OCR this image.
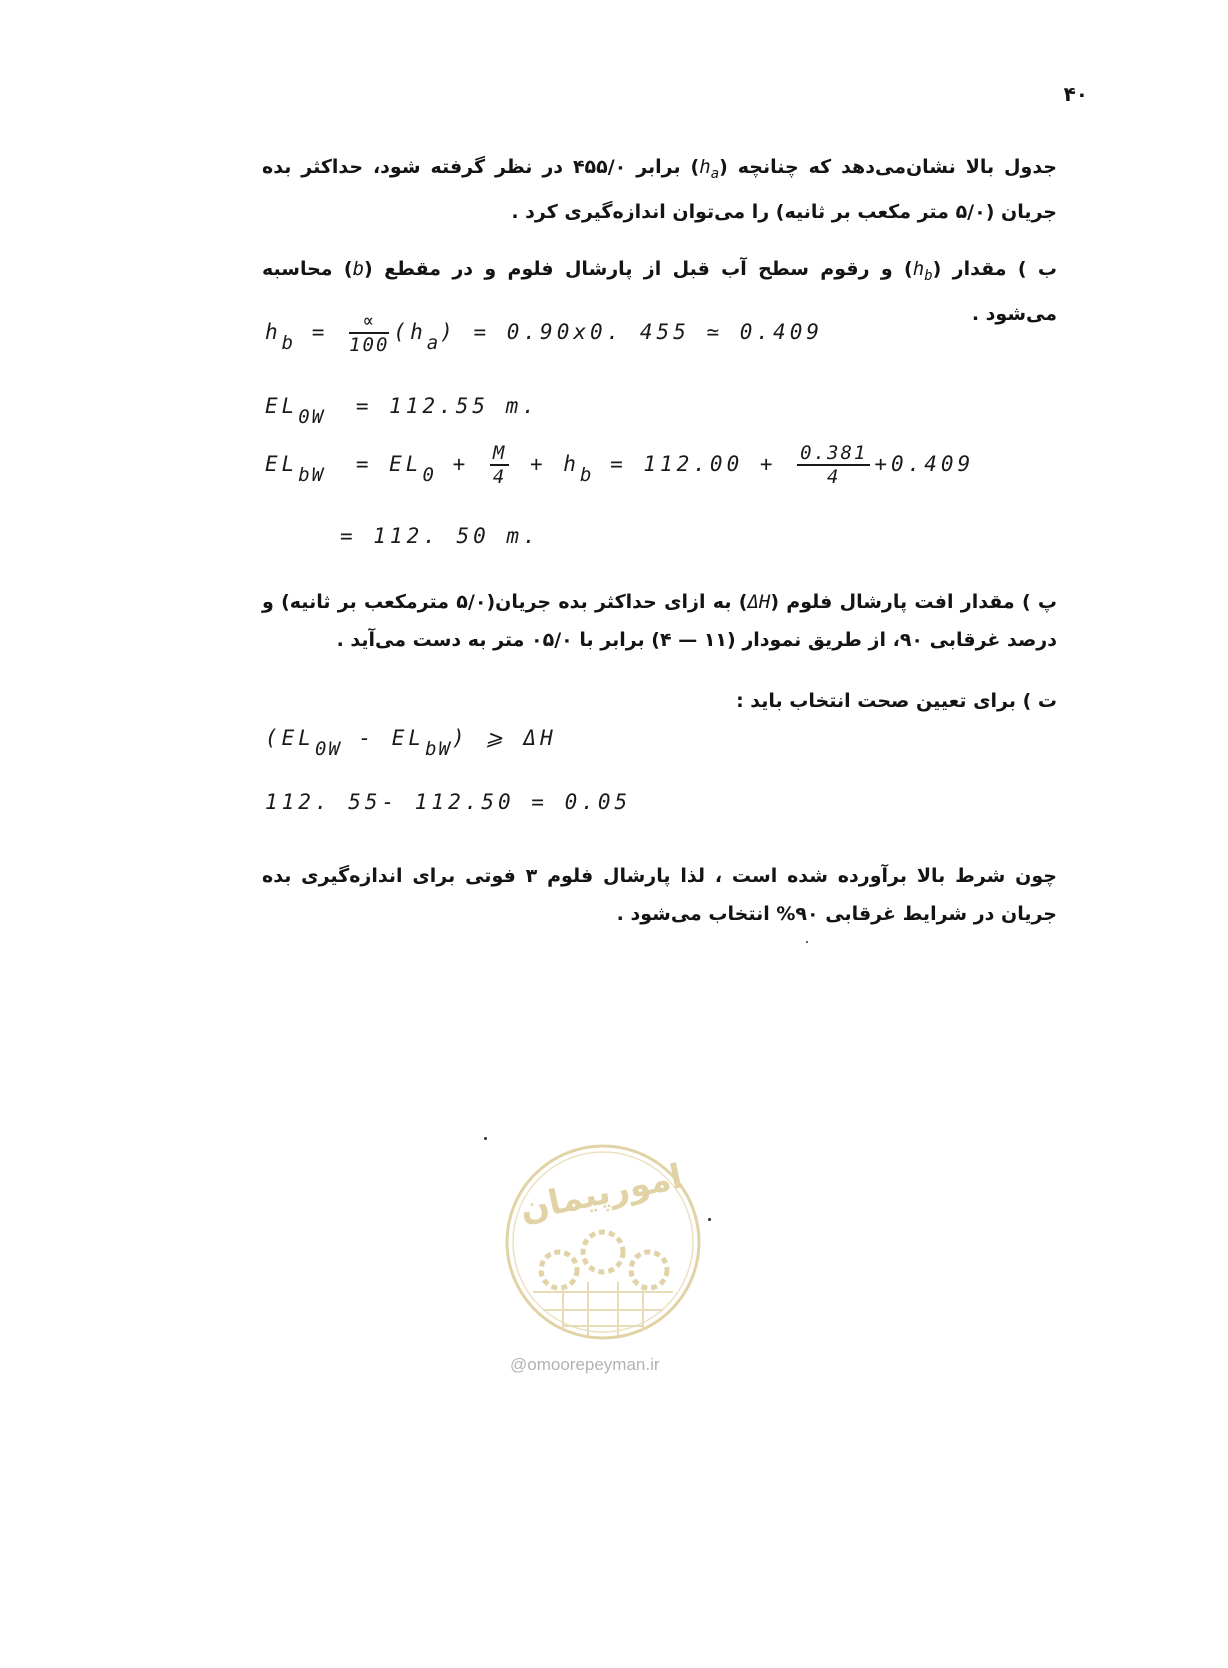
۴۰

جدول بالا نشان‌می‌دهد که چنانچه $(h_a)$ برابر ۴۵۵/۰ در نظر گرفته شود، حداکثر بده جریان (۵/۰ متر مکعب بر ثانیه) را می‌توان اندازه‌گیری کرد .

ب ) مقدار $(h_b)$ و رقوم سطح آب قبل از پارشال فلوم و در مقطع (b) محاسبه می‌شود .

$h_b = \frac{\propto}{100} (h_a) = 0.90x0$. 455 ≃ 0.409
$EL_{0W} = 112.55$ m.
$EL_{bW} = EL_0 + \frac{M}{4} + h_b = 112.00 + \frac{0.381}{4} +0.409$
= 112. 50 m.

پ ) مقدار افت پارشال فلوم (ΔH) به ازای حداکثر بده جریان(۵/۰ مترمکعب بر ثانیه) و درصد غرقابی ۹۰، از طریق نمودار (۱۱ — ۴) برابر با ۰۵/۰ متر به دست می‌آید .

ت ) برای تعیین صحت انتخاب باید :

$(EL_{0W} - EL_{bW})$ ⩾ ΔH
112. 55- 112.50 = 0.05

چون شرط بالا برآورده شده است ، لذا پارشال فلوم ۳ فوتی برای اندازه‌گیری بده جریان در شرایط غرقابی ۹۰% انتخاب می‌شود .

امورپیمان
@omoorepeyman.ir
